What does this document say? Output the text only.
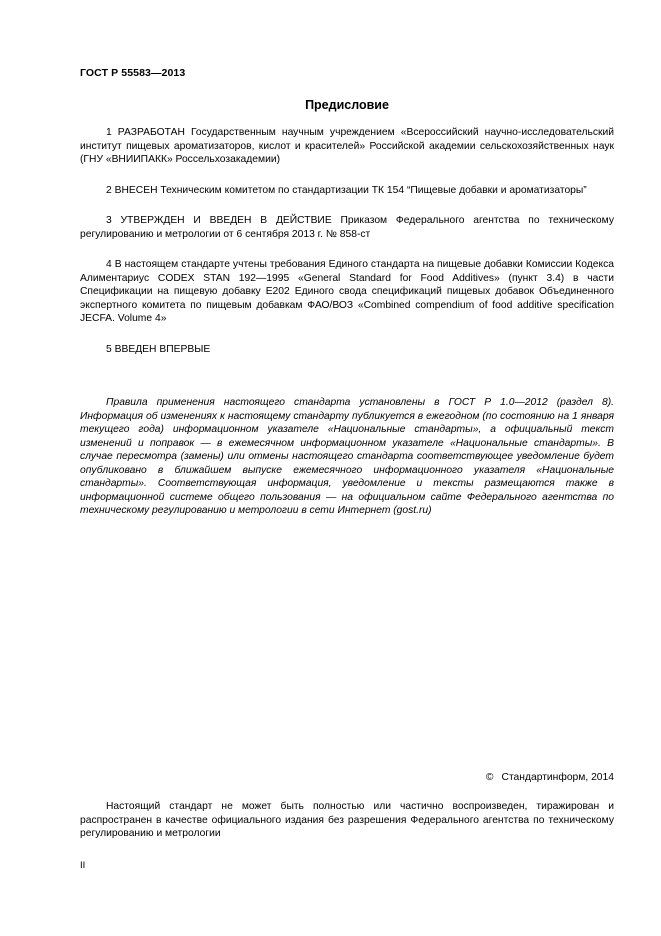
ГОСТ Р 55583—2013
Предисловие

1 РАЗРАБОТАН Государственным научным учреждением «Всероссийский научно-исследовательский институт пищевых ароматизаторов, кислот и красителей» Российской академии сельскохозяйственных наук (ГНУ «ВНИИПАКК» Россельхозакадемии)

2 ВНЕСЕН Техническим комитетом по стандартизации ТК 154 “Пищевые добавки и ароматизаторы”

3 УТВЕРЖДЕН И ВВЕДЕН В ДЕЙСТВИЕ Приказом Федерального агентства по техническому регулированию и метрологии от 6 сентября 2013 г. № 858-ст

4 В настоящем стандарте учтены требования Единого стандарта на пищевые добавки Комиссии Кодекса Алиментариус CODEX STAN 192—1995 «General Standard for Food Additives» (пункт 3.4) в части Спецификации на пищевую добавку Е202 Единого свода спецификаций пищевых добавок Объединенного экспертного комитета по пищевым добавкам ФАО/ВОЗ «Combined compendium of food additive specification JECFA. Volume 4»

5 ВВЕДЕН ВПЕРВЫЕ

Правила применения настоящего стандарта установлены в ГОСТ Р 1.0—2012 (раздел 8). Информация об изменениях к настоящему стандарту публикуется в ежегодном (по состоянию на 1 января текущего года) информационном указателе «Национальные стандарты», а официальный текст изменений и поправок — в ежемесячном информационном указателе «Национальные стандарты». В случае пересмотра (замены) или отмены настоящего стандарта соответствующее уведомление будет опубликовано в ближайшем выпуске ежемесячного информационного указателя «Национальные стандарты». Соответствующая информация, уведомление и тексты размещаются также в информационной системе общего пользования — на официальном сайте Федерального агентства по техническому регулированию и метрологии в сети Интернет (gost.ru)

© Стандартинформ, 2014

Настоящий стандарт не может быть полностью или частично воспроизведен, тиражирован и распространен в качестве официального издания без разрешения Федерального агентства по техническому регулированию и метрологии

II
